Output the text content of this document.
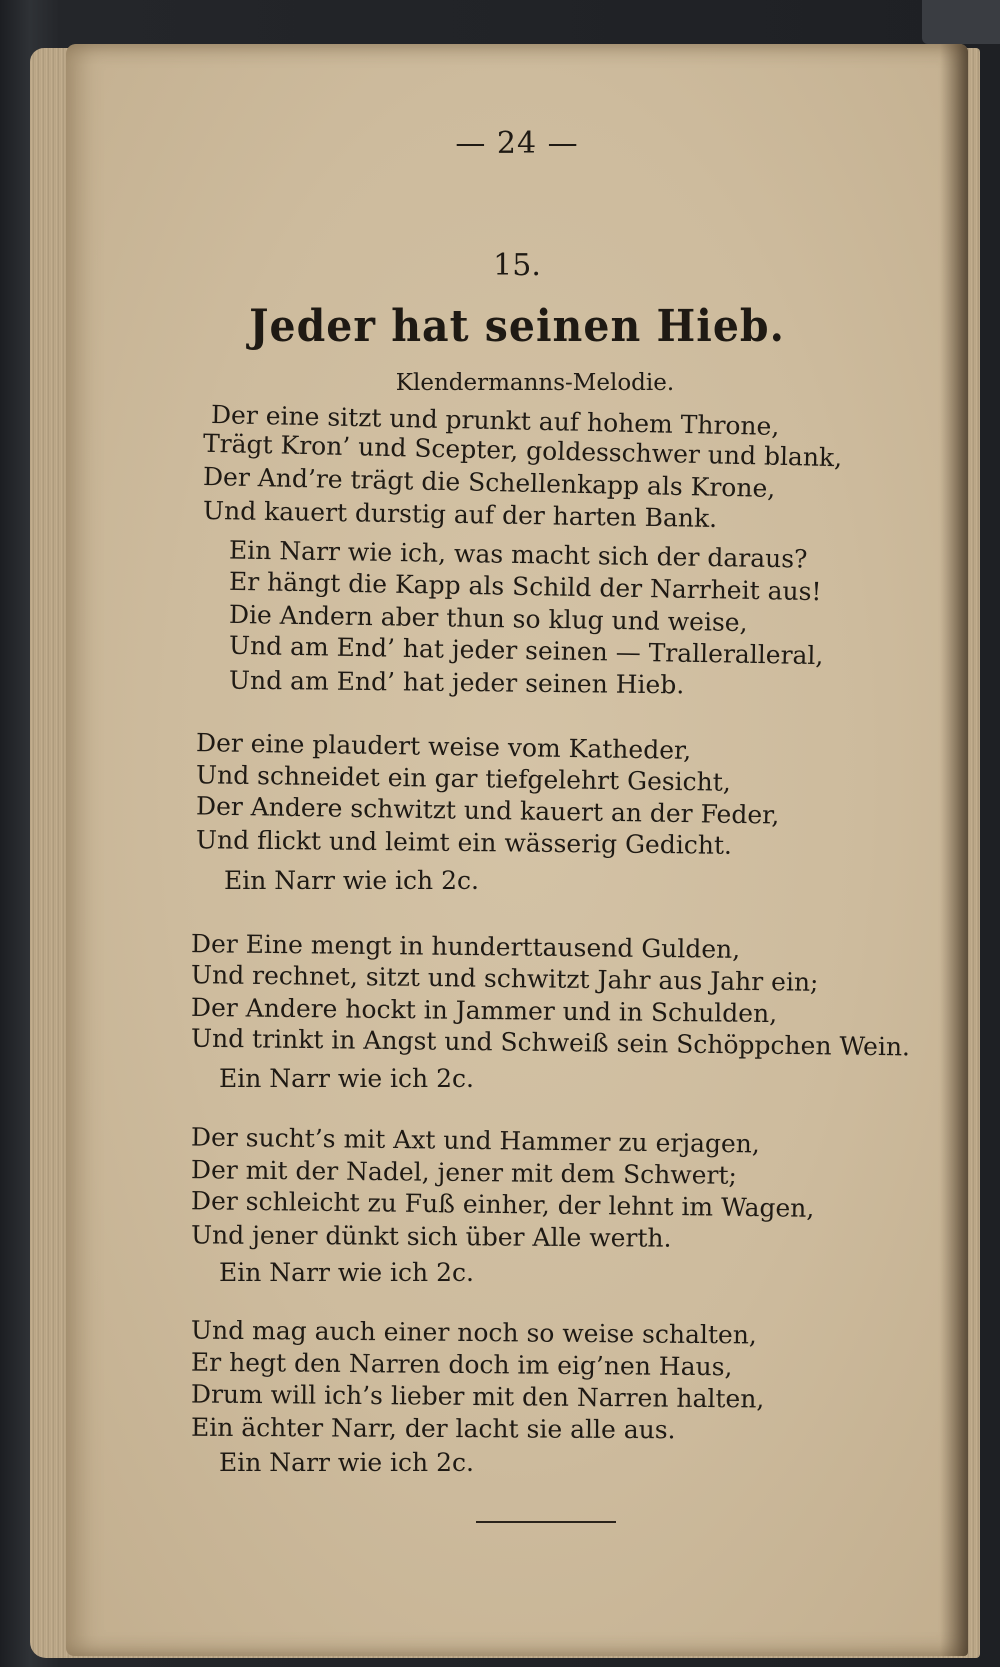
— 24 —
15.
Jeder hat seinen Hieb.
Klendermanns-Melodie.
Der eine sitzt und prunkt auf hohem Throne,
Trägt Kron’ und Scepter, goldesschwer und blank,
Der And’re trägt die Schellenkapp als Krone,
Und kauert durstig auf der harten Bank.
Ein Narr wie ich, was macht sich der daraus?
Er hängt die Kapp als Schild der Narrheit aus!
Die Andern aber thun so klug und weise,
Und am End’ hat jeder seinen — Tralleralleral,
Und am End’ hat jeder seinen Hieb.
Der eine plaudert weise vom Katheder,
Und schneidet ein gar tiefgelehrt Gesicht,
Der Andere schwitzt und kauert an der Feder,
Und flickt und leimt ein wässerig Gedicht.
Ein Narr wie ich 2c.
Der Eine mengt in hunderttausend Gulden,
Und rechnet, sitzt und schwitzt Jahr aus Jahr ein;
Der Andere hockt in Jammer und in Schulden,
Und trinkt in Angst und Schweiß sein Schöppchen Wein.
Ein Narr wie ich 2c.
Der sucht’s mit Axt und Hammer zu erjagen,
Der mit der Nadel, jener mit dem Schwert;
Der schleicht zu Fuß einher, der lehnt im Wagen,
Und jener dünkt sich über Alle werth.
Ein Narr wie ich 2c.
Und mag auch einer noch so weise schalten,
Er hegt den Narren doch im eig’nen Haus,
Drum will ich’s lieber mit den Narren halten,
Ein ächter Narr, der lacht sie alle aus.
Ein Narr wie ich 2c.
